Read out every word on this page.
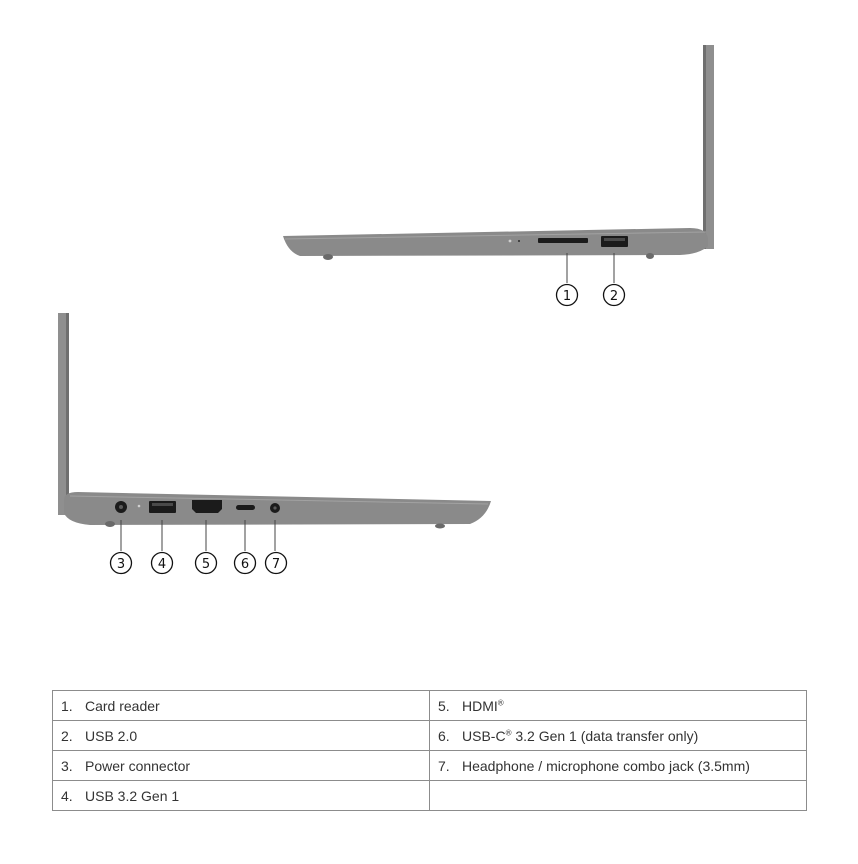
1	2
3	4	5 6 7
1. Card reader	5. HDMI®
2. USB 2.0	6. USB-C® 3.2 Gen 1 (data transfer only)
3. Power connector	7. Headphone / microphone combo jack (3.5mm)
4. USB 3.2 Gen 1	
